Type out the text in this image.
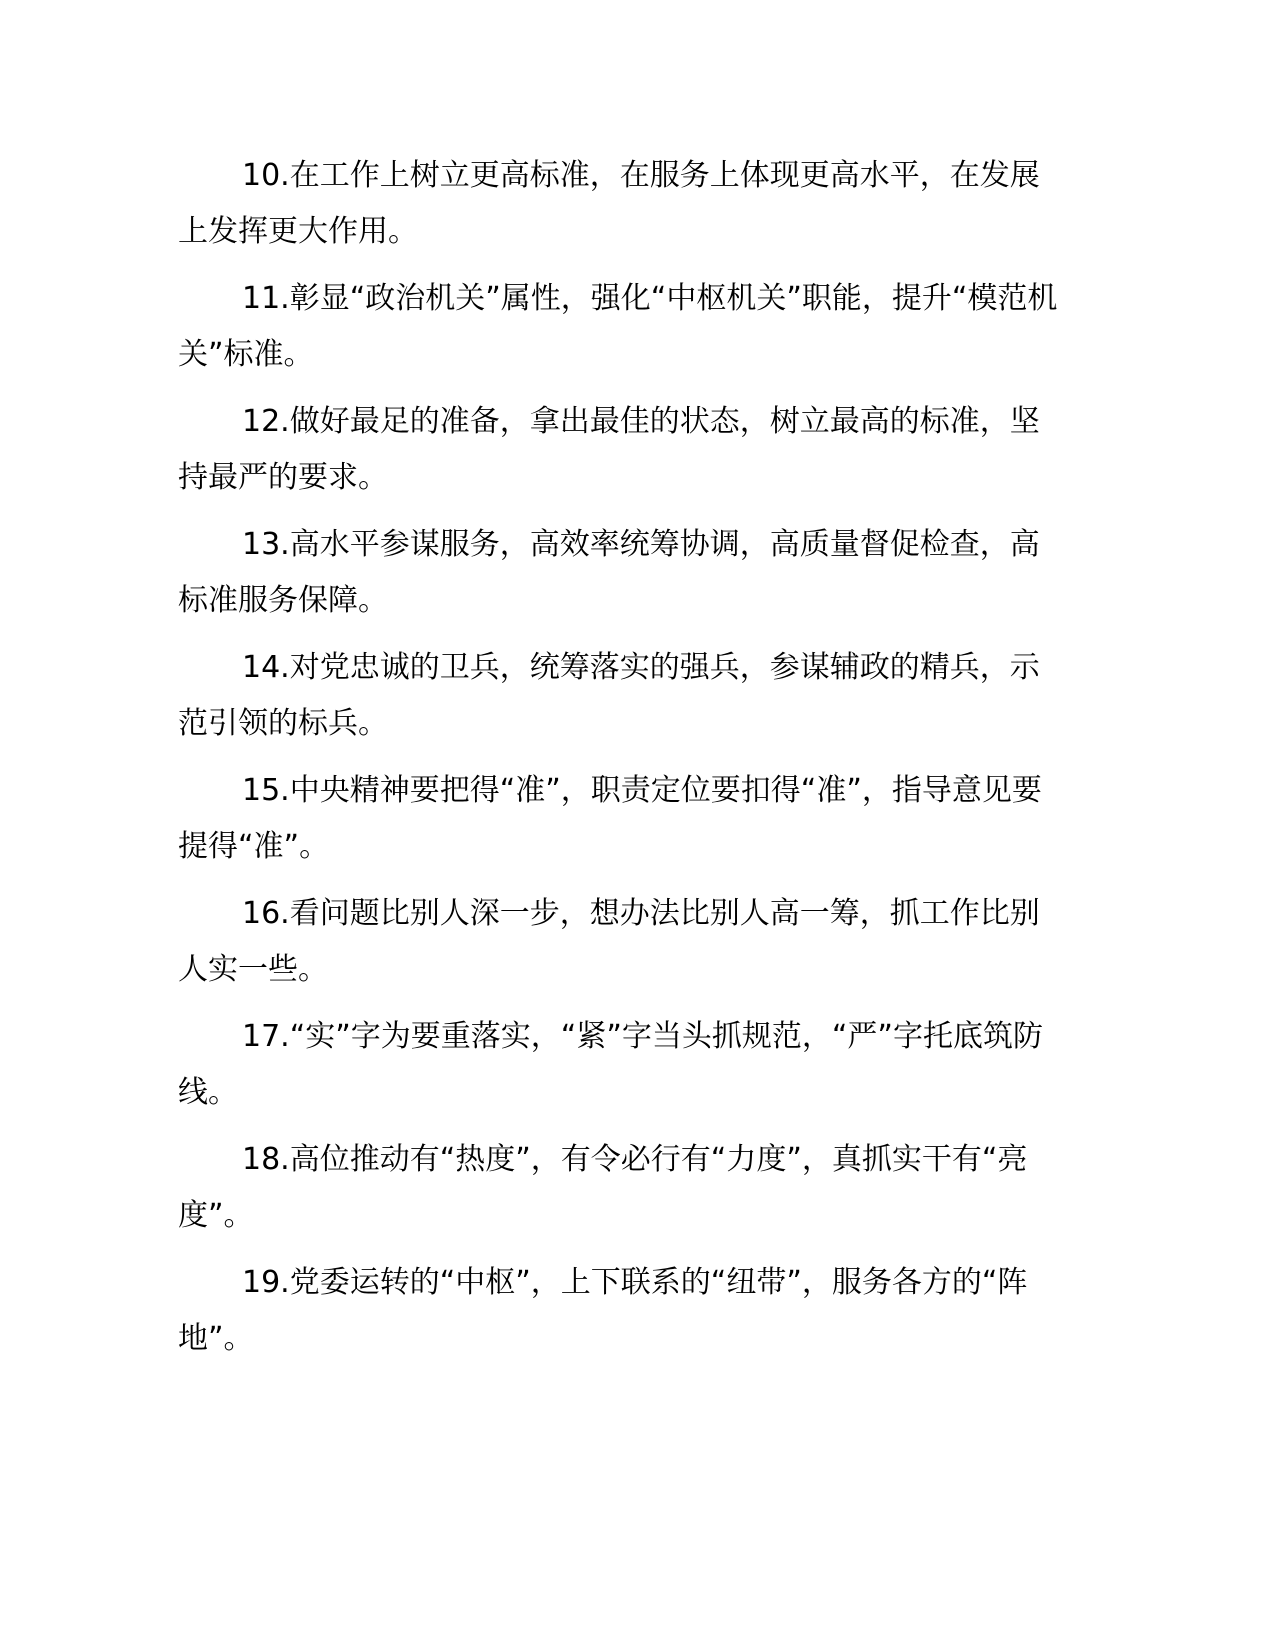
10.在工作上树立更高标准，在服务上体现更高水平，在发展上发挥更大作用。

11.彰显“政治机关”属性，强化“中枢机关”职能，提升“模范机关”标准。

12.做好最足的准备，拿出最佳的状态，树立最高的标准，坚持最严的要求。

13.高水平参谋服务，高效率统筹协调，高质量督促检查，高标准服务保障。

14.对党忠诚的卫兵，统筹落实的强兵，参谋辅政的精兵，示范引领的标兵。

15.中央精神要把得“准”，职责定位要扣得“准”，指导意见要提得“准”。

16.看问题比别人深一步，想办法比别人高一筹，抓工作比别人实一些。

17.“实”字为要重落实，“紧”字当头抓规范，“严”字托底筑防线。

18.高位推动有“热度”，有令必行有“力度”，真抓实干有“亮度”。

19.党委运转的“中枢”，上下联系的“纽带”，服务各方的“阵地”。
